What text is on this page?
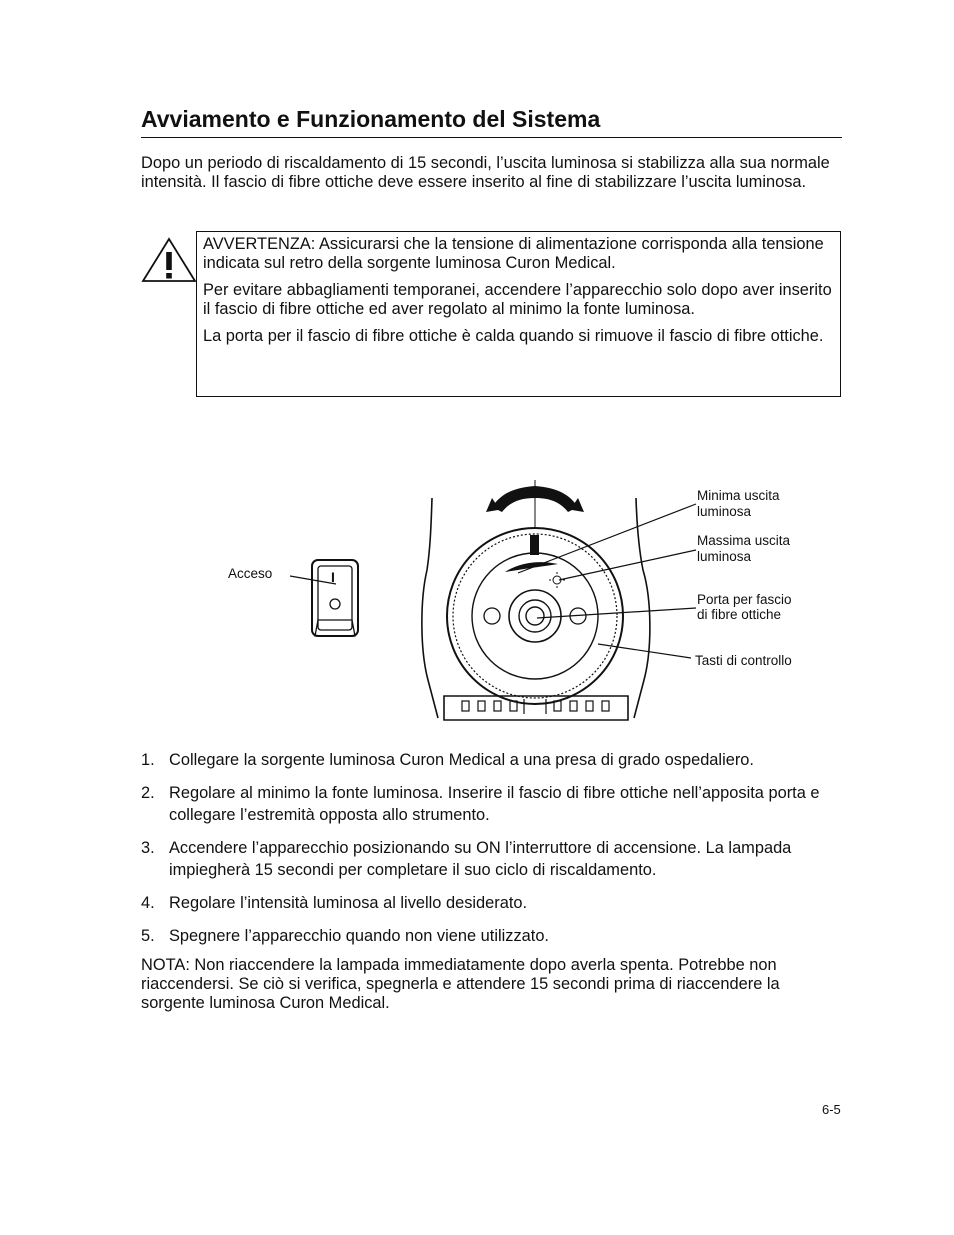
Avviamento e Funzionamento del Sistema

Dopo un periodo di riscaldamento di 15 secondi, l’uscita luminosa si stabilizza alla sua normale intensità. Il fascio di fibre ottiche deve essere inserito al fine di stabilizzare l’uscita luminosa.

AVVERTENZA: Assicurarsi che la tensione di alimentazione corrisponda alla tensione indicata sul retro della sorgente luminosa Curon Medical.

Per evitare abbagliamenti temporanei, accendere l’apparecchio solo dopo aver inserito il fascio di fibre ottiche ed aver regolato al minimo la fonte luminosa.

La porta per il fascio di fibre ottiche è calda quando si rimuove il fascio di fibre ottiche.

I
Acceso
Minima uscita
luminosa
Massima uscita
luminosa
Porta per fascio
di fibre ottiche
Tasti di controllo
1. Collegare la sorgente luminosa Curon Medical a una presa di grado ospedaliero.
2. Regolare al minimo la fonte luminosa. Inserire il fascio di fibre ottiche nell’apposita porta e collegare l’estremità opposta allo strumento.
3. Accendere l’apparecchio posizionando su ON l’interruttore di accensione. La lampada impiegherà 15 secondi per completare il suo ciclo di riscaldamento.
4. Regolare l’intensità luminosa al livello desiderato.
5. Spegnere l’apparecchio quando non viene utilizzato.

NOTA: Non riaccendere la lampada immediatamente dopo averla spenta. Potrebbe non riaccendersi. Se ciò si verifica, spegnerla e attendere 15 secondi prima di riaccendere la sorgente luminosa Curon Medical.

6-5
